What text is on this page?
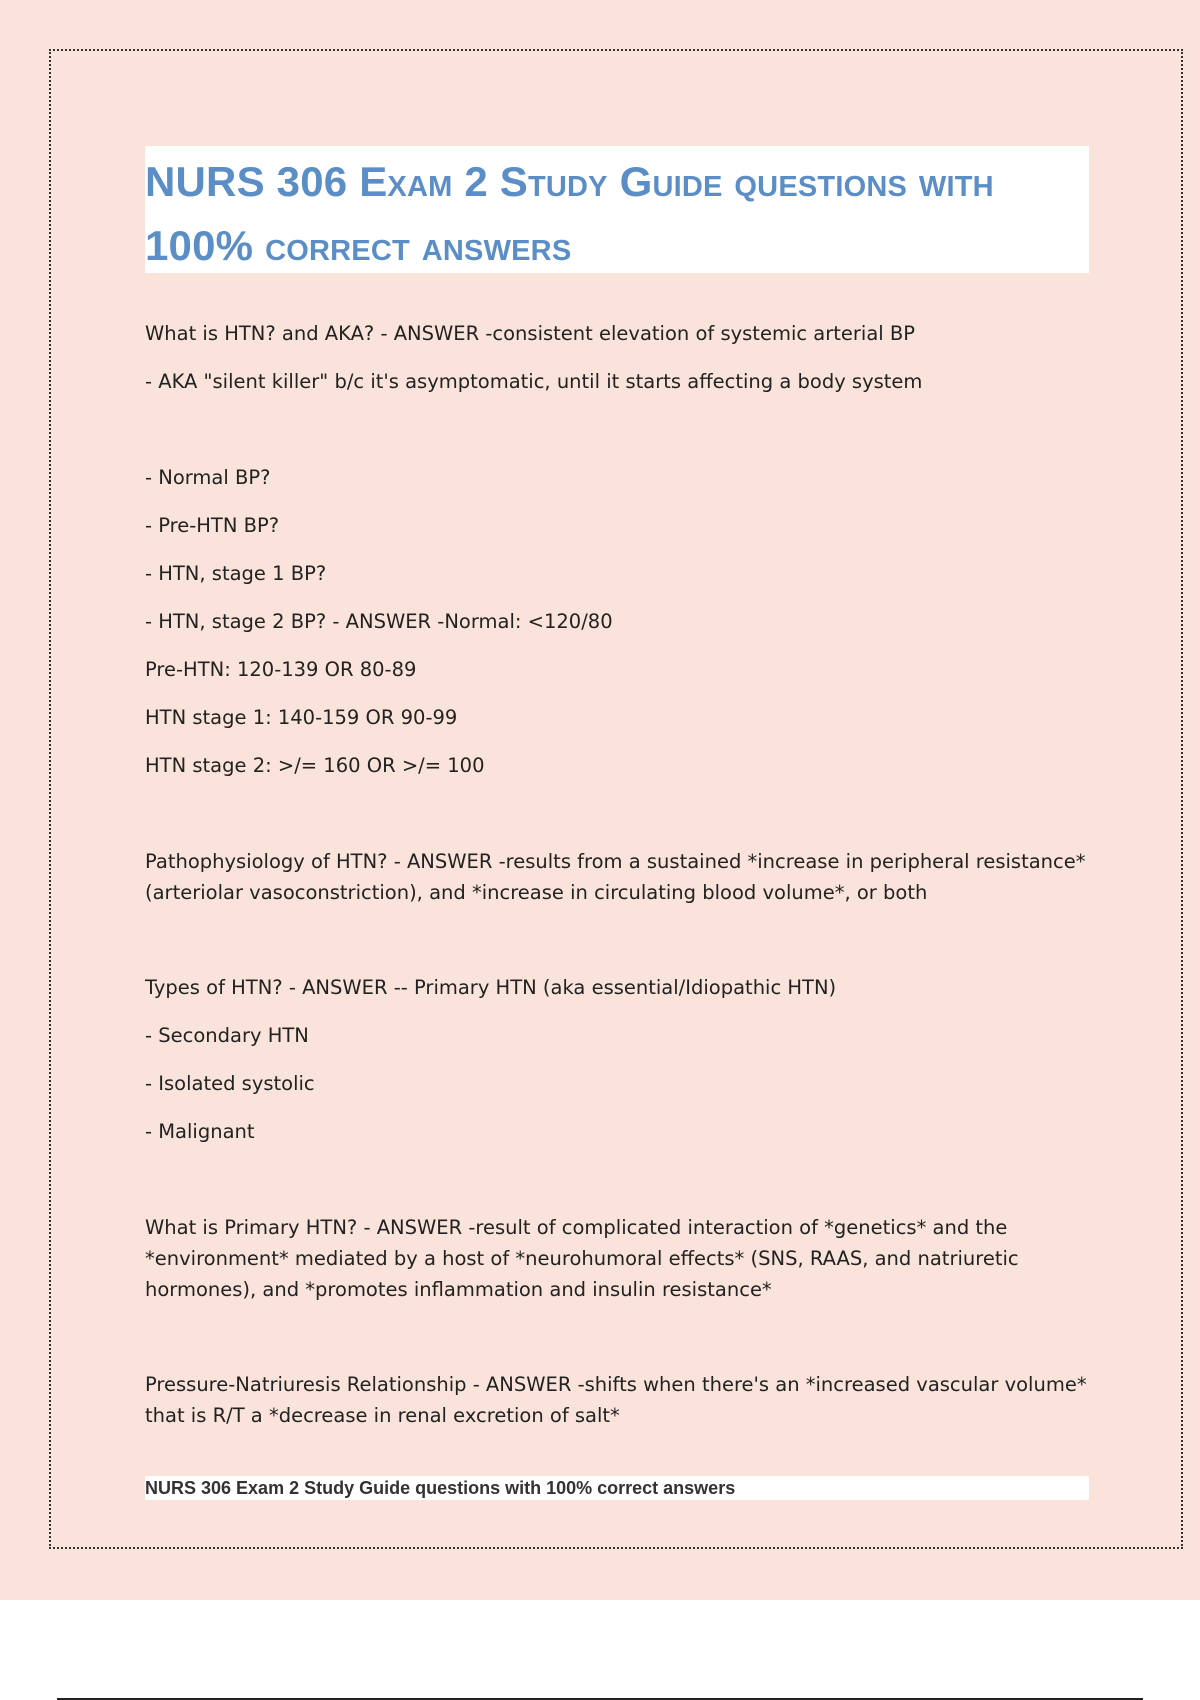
NURS 306 Exam 2 Study Guide questions with 100% correct answers

What is HTN? and AKA? - ANSWER -consistent elevation of systemic arterial BP

- AKA "silent killer" b/c it's asymptomatic, until it starts affecting a body system

- Normal BP?

- Pre-HTN BP?

- HTN, stage 1 BP?

- HTN, stage 2 BP? - ANSWER -Normal: <120/80

Pre-HTN: 120-139 OR 80-89

HTN stage 1: 140-159 OR 90-99

HTN stage 2: >/= 160 OR >/= 100

Pathophysiology of HTN? - ANSWER -results from a sustained *increase in peripheral resistance* (arteriolar vasoconstriction), and *increase in circulating blood volume*, or both

Types of HTN? - ANSWER -- Primary HTN (aka essential/Idiopathic HTN)

- Secondary HTN

- Isolated systolic

- Malignant

What is Primary HTN? - ANSWER -result of complicated interaction of *genetics* and the *environment* mediated by a host of *neurohumoral effects* (SNS, RAAS, and natriuretic hormones), and *promotes inflammation and insulin resistance*

Pressure-Natriuresis Relationship - ANSWER -shifts when there's an *increased vascular volume* that is R/T a *decrease in renal excretion of salt*

NURS 306 Exam 2 Study Guide questions with 100% correct answers
